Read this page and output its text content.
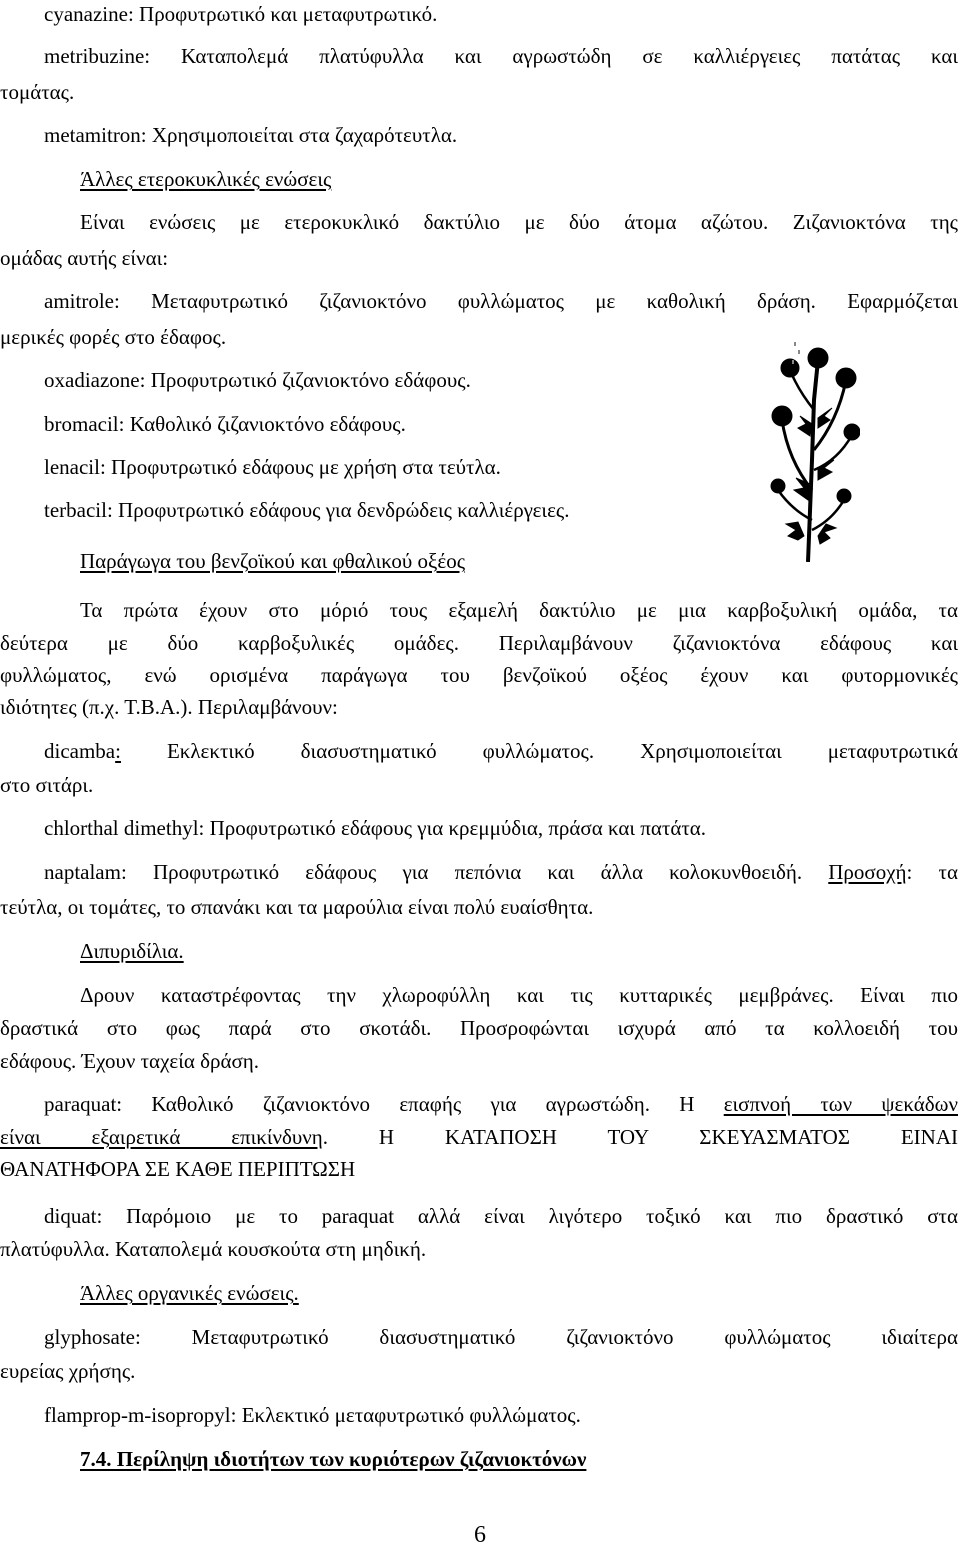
cyanazine: Προφυτρωτικό και μεταφυτρωτικό.
metribuzine: Καταπολεμά πλατύφυλλα και αγρωστώδη σε καλλιέργειες πατάτας και
τομάτας.
metamitron: Χρησιμοποιείται στα ζαχαρότευτλα.
Άλλες ετεροκυκλικές ενώσεις
Είναι ενώσεις με ετεροκυκλικό δακτύλιο με δύο άτομα αζώτου. Ζιζανιοκτόνα της
ομάδας αυτής είναι:
amitrole: Μεταφυτρωτικό ζιζανιοκτόνο φυλλώματος με καθολική δράση. Εφαρμόζεται
μερικές φορές στο έδαφος.
oxadiazone: Προφυτρωτικό ζιζανιοκτόνο εδάφους.
bromacil: Καθολικό ζιζανιοκτόνο εδάφους.
lenacil: Προφυτρωτικό εδάφους με χρήση στα τεύτλα.
terbacil: Προφυτρωτικό εδάφους για δενδρώδεις καλλιέργειες.
Παράγωγα του βενζοϊκού και φθαλικού οξέος
Τα πρώτα έχουν στο μόριό τους εξαμελή δακτύλιο με μια καρβοξυλική ομάδα, τα
δεύτερα με δύο καρβοξυλικές ομάδες. Περιλαμβάνουν ζιζανιοκτόνα εδάφους και
φυλλώματος, ενώ ορισμένα παράγωγα του βενζοϊκού οξέος έχουν και φυτορμονικές
ιδιότητες (π.χ. Τ.Β.Α.). Περιλαμβάνουν:
dicamba: Εκλεκτικό διασυστηματικό φυλλώματος. Χρησιμοποιείται μεταφυτρωτικά
στο σιτάρι.
chlorthal dimethyl: Προφυτρωτικό εδάφους για κρεμμύδια, πράσα και πατάτα.
naptalam: Προφυτρωτικό εδάφους για πεπόνια και άλλα κολοκυνθοειδή. Προσοχή: τα
τεύτλα, οι τομάτες, το σπανάκι και τα μαρούλια είναι πολύ ευαίσθητα.
Διπυριδίλια.
Δρουν καταστρέφοντας την χλωροφύλλη και τις κυτταρικές μεμβράνες. Είναι πιο
δραστικά στο φως παρά στο σκοτάδι. Προσροφώνται ισχυρά από τα κολλοειδή του
εδάφους. Έχουν ταχεία δράση.
paraquat: Καθολικό ζιζανιοκτόνο επαφής για αγρωστώδη. Η εισπνοή των ψεκάδων
είναι εξαιρετικά επικίνδυνη. Η ΚΑΤΑΠΟΣΗ ΤΟΥ ΣΚΕΥΑΣΜΑΤΟΣ ΕΙΝΑΙ
ΘΑΝΑΤΗΦΟΡΑ ΣΕ ΚΑΘΕ ΠΕΡΙΠΤΩΣΗ
diquat: Παρόμοιο με το paraquat αλλά είναι λιγότερο τοξικό και πιο δραστικό στα
πλατύφυλλα. Καταπολεμά κουσκούτα στη μηδική.
Άλλες οργανικές ενώσεις.
glyphosate: Μεταφυτρωτικό διασυστηματικό ζιζανιοκτόνο φυλλώματος ιδιαίτερα
ευρείας χρήσης.
flamprop-m-isopropyl: Εκλεκτικό μεταφυτρωτικό φυλλώματος.
7.4. Περίληψη ιδιοτήτων των κυριότερων ζιζανιοκτόνων
6
